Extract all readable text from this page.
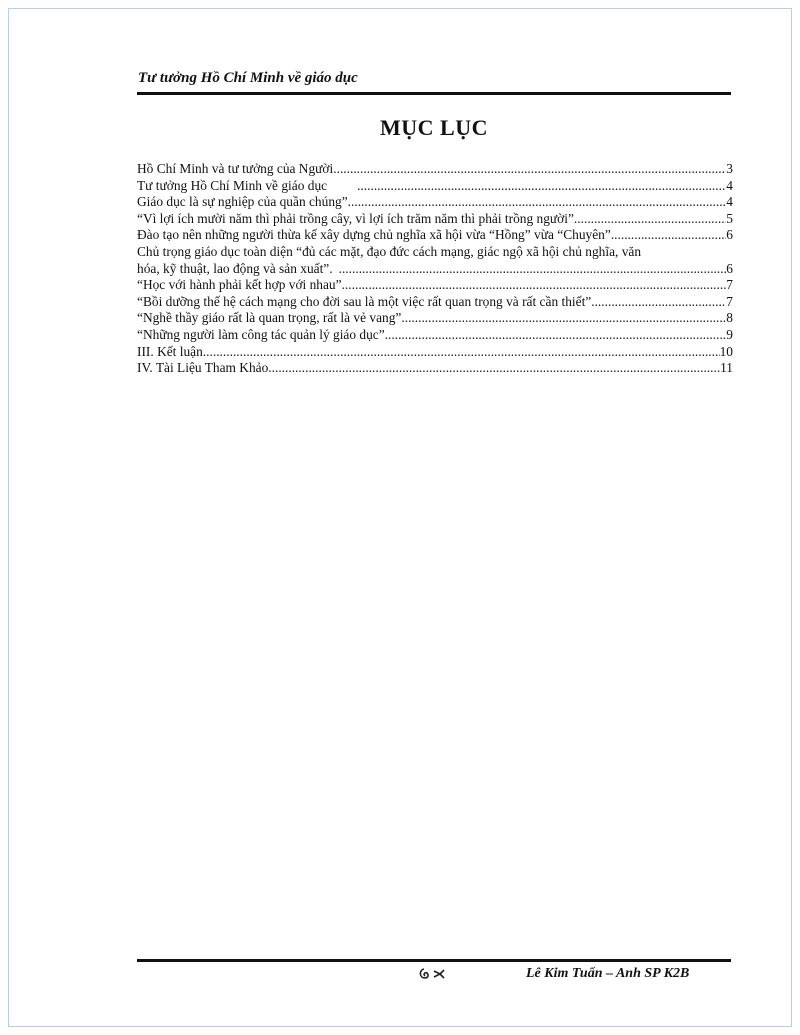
Tư tưởng Hồ Chí Minh về giáo dục
MỤC LỤC
Hồ Chí Minh và tư tưởng của Người .....	3
Tư tưởng Hồ Chí Minh về giáo dục .....	4
Giáo dục là sự nghiệp của quần chúng” .....	4
“Vì lợi ích mười năm thì phải trồng cây, vì lợi ích trăm năm thì phải trồng người” .....	5
Đào tạo nên những người thừa kế xây dựng chủ nghĩa xã hội vừa “Hồng” vừa “Chuyên” .....	6
Chủ trọng giáo dục toàn diện “đủ các mặt, đạo đức cách mạng, giác ngộ xã hội chủ nghĩa, văn
hóa, kỹ thuật, lao động và sản xuất”. .....	6
“Học với hành phải kết hợp với nhau” .....	7
“Bồi dưỡng thế hệ cách mạng cho đời sau là một việc rất quan trọng và rất cần thiết” .....	7
“Nghề thầy giáo rất là quan trọng, rất là vẻ vang” .....	8
“Những người làm công tác quản lý giáo dục” .....	9
III. Kết luận .....	10
IV. Tài Liệu Tham Khảo .....	11
Lê Kim Tuấn – Anh SP K2B
